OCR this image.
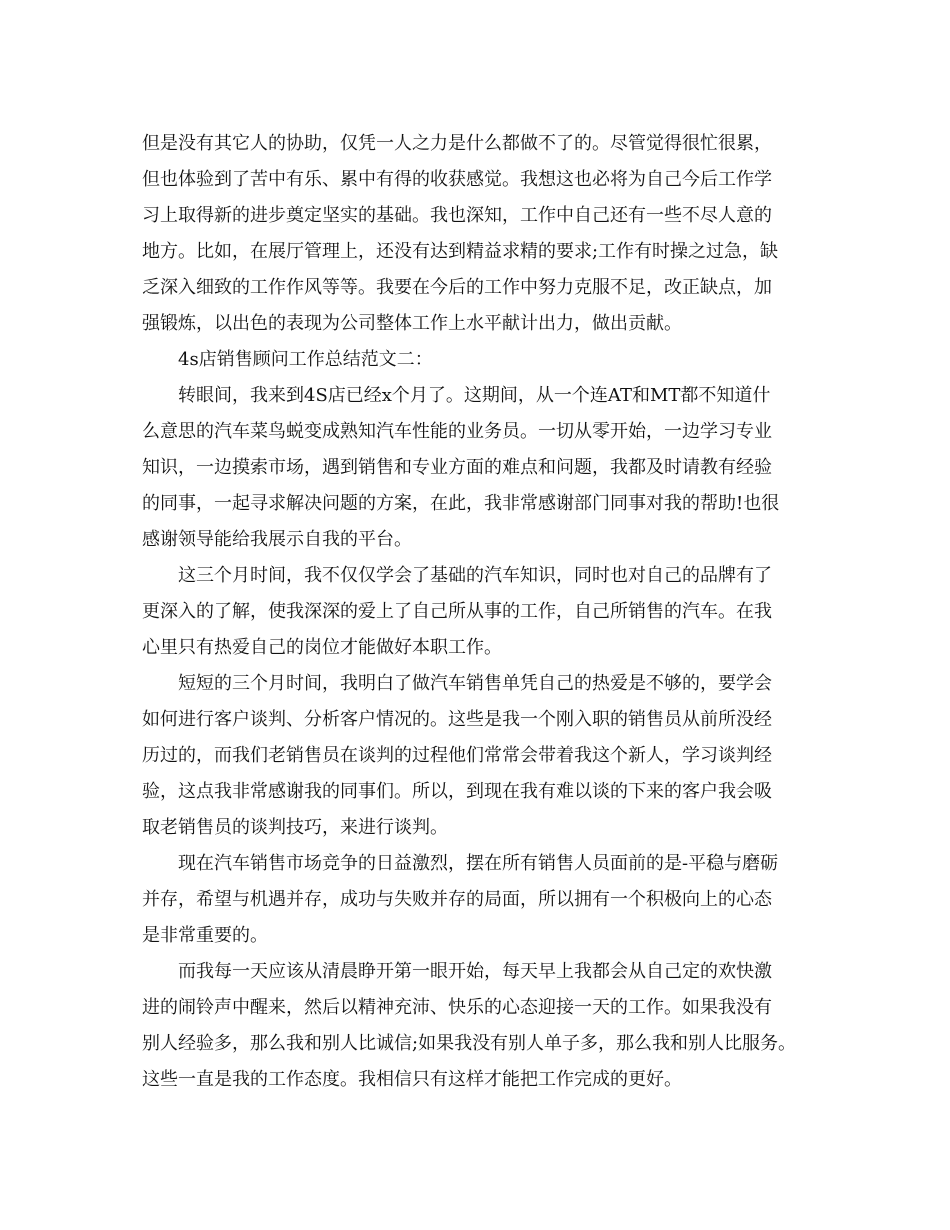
但是没有其它人的协助，仅凭一人之力是什么都做不了的。尽管觉得很忙很累，
但也体验到了苦中有乐、累中有得的收获感觉。我想这也必将为自己今后工作学
习上取得新的进步奠定坚实的基础。我也深知，工作中自己还有一些不尽人意的
地方。比如，在展厅管理上，还没有达到精益求精的要求;工作有时操之过急，缺
乏深入细致的工作作风等等。我要在今后的工作中努力克服不足，改正缺点，加
强锻炼，以出色的表现为公司整体工作上水平献计出力，做出贡献。
4s店销售顾问工作总结范文二：
转眼间，我来到4S店已经x个月了。这期间，从一个连AT和MT都不知道什
么意思的汽车菜鸟蜕变成熟知汽车性能的业务员。一切从零开始，一边学习专业
知识，一边摸索市场，遇到销售和专业方面的难点和问题，我都及时请教有经验
的同事，一起寻求解决问题的方案，在此，我非常感谢部门同事对我的帮助!也很
感谢领导能给我展示自我的平台。
这三个月时间，我不仅仅学会了基础的汽车知识，同时也对自己的品牌有了
更深入的了解，使我深深的爱上了自己所从事的工作，自己所销售的汽车。在我
心里只有热爱自己的岗位才能做好本职工作。
短短的三个月时间，我明白了做汽车销售单凭自己的热爱是不够的，要学会
如何进行客户谈判、分析客户情况的。这些是我一个刚入职的销售员从前所没经
历过的，而我们老销售员在谈判的过程他们常常会带着我这个新人，学习谈判经
验，这点我非常感谢我的同事们。所以，到现在我有难以谈的下来的客户我会吸
取老销售员的谈判技巧，来进行谈判。
现在汽车销售市场竞争的日益激烈，摆在所有销售人员面前的是-平稳与磨砺
并存，希望与机遇并存，成功与失败并存的局面，所以拥有一个积极向上的心态
是非常重要的。
而我每一天应该从清晨睁开第一眼开始，每天早上我都会从自己定的欢快激
进的闹铃声中醒来，然后以精神充沛、快乐的心态迎接一天的工作。如果我没有
别人经验多，那么我和别人比诚信;如果我没有别人单子多，那么我和别人比服务。
这些一直是我的工作态度。我相信只有这样才能把工作完成的更好。
